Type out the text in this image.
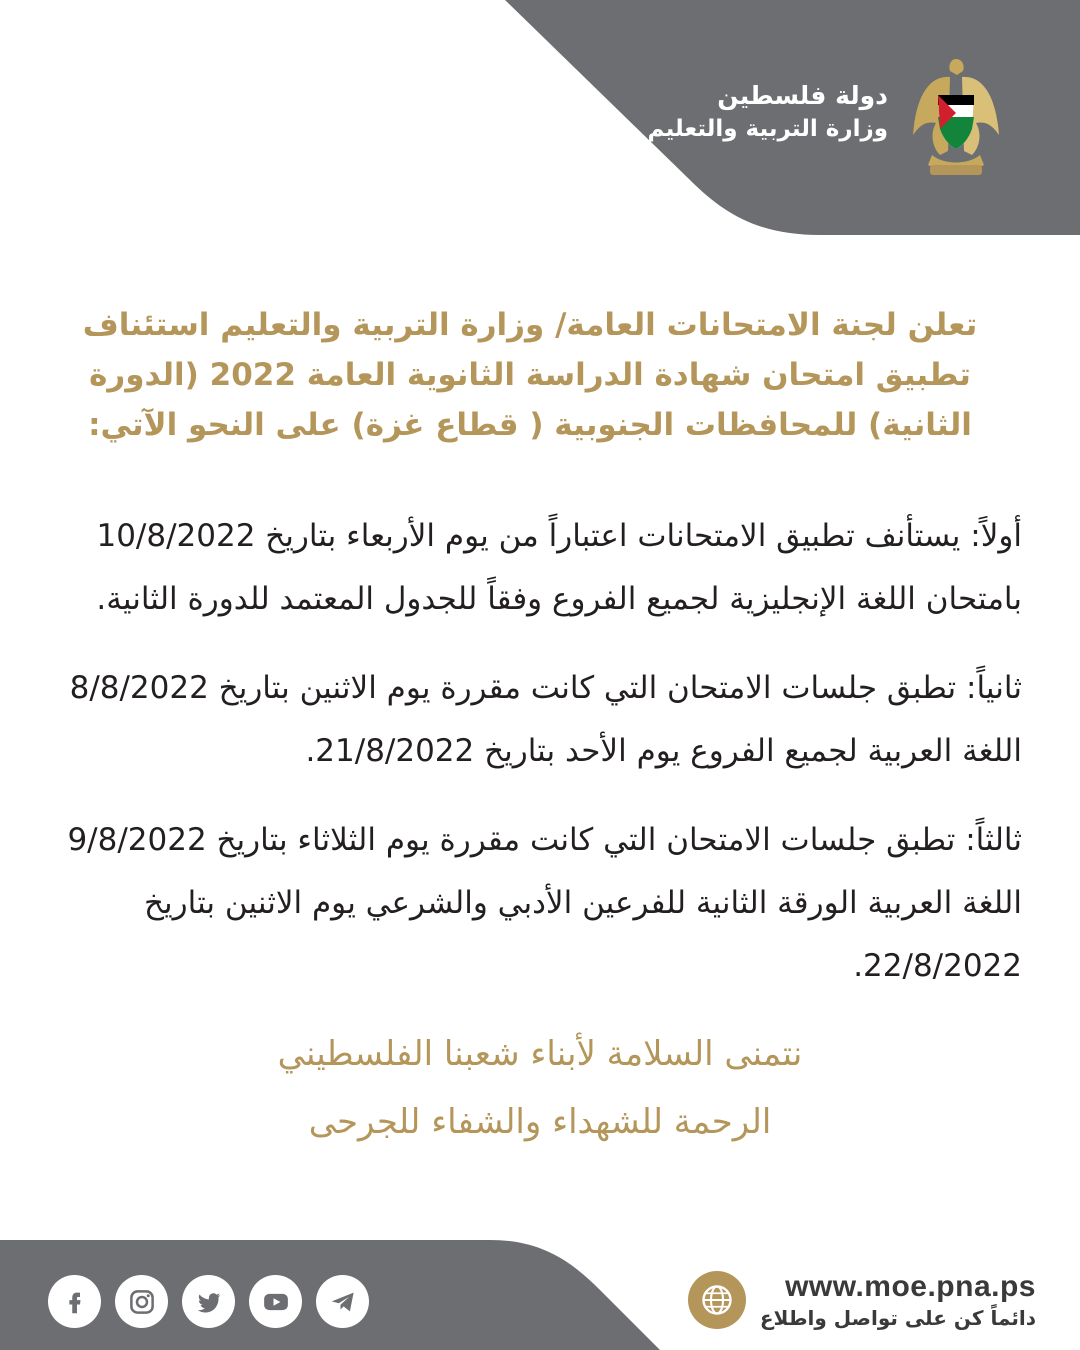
دولة فلسطين
وزارة التربية والتعليم
تعلن لجنة الامتحانات العامة/ وزارة التربية والتعليم استئناف تطبيق امتحان شهادة الدراسة الثانوية العامة 2022 (الدورة الثانية) للمحافظات الجنوبية ( قطاع غزة) على النحو الآتي:
أولاً: يستأنف تطبيق الامتحانات اعتباراً من يوم الأربعاء بتاريخ 10/8/2022 بامتحان اللغة الإنجليزية لجميع الفروع وفقاً للجدول المعتمد للدورة الثانية.
ثانياً: تطبق جلسات الامتحان التي كانت مقررة يوم الاثنين بتاريخ 8/8/2022 اللغة العربية لجميع الفروع يوم الأحد بتاريخ 21/8/2022.
ثالثاً: تطبق جلسات الامتحان التي كانت مقررة يوم الثلاثاء بتاريخ 9/8/2022 اللغة العربية الورقة الثانية للفرعين الأدبي والشرعي يوم الاثنين بتاريخ 22/8/2022.
نتمنى السلامة لأبناء شعبنا الفلسطيني
الرحمة للشهداء والشفاء للجرحى
www.moe.pna.ps
دائماً كن على تواصل واطلاع
